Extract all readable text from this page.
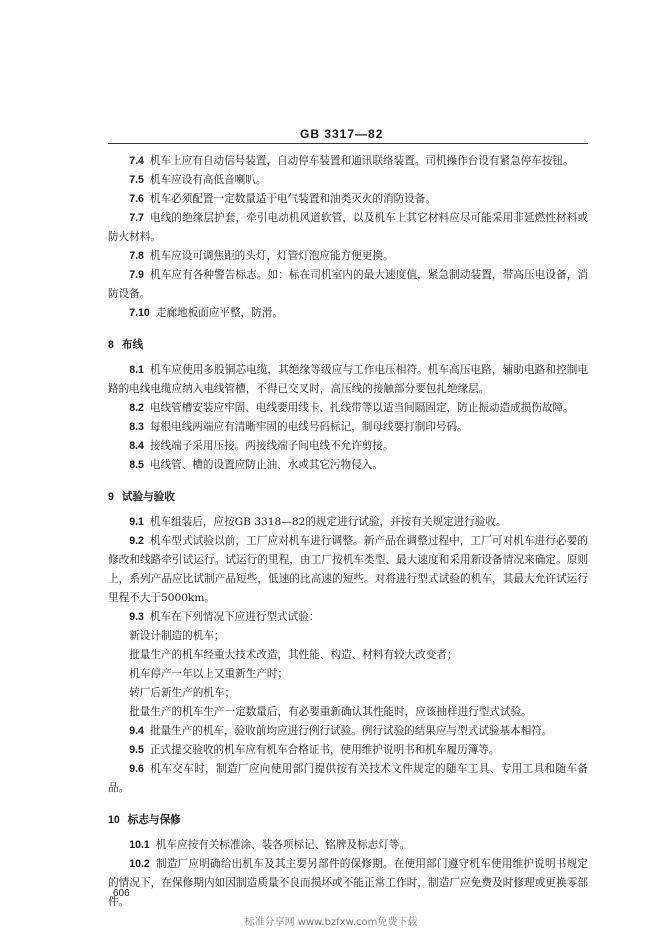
GB 3317—82

7.4 机车上应有自动信号装置，自动停车装置和通讯联络装置。司机操作台设有紧急停车按钮。

7.5 机车应设有高低音喇叭。

7.6 机车必须配置一定数量适于电气装置和油类灭火的消防设备。

7.7 电线的绝缘层护套，牵引电动机风道软管，以及机车上其它材料应尽可能采用非延燃性材料或防火材料。

7.8 机车应设可调焦距的头灯，灯管灯泡应能方便更换。

7.9 机车应有各种警告标志。如：标在司机室内的最大速度值，紧急制动装置，带高压电设备，消防设备。

7.10 走廊地板面应平整，防滑。

8 布线

8.1 机车应使用多股铜芯电缆，其绝缘等级应与工作电压相符。机车高压电路，辅助电路和控制电路的电线电缆应纳入电线管槽，不得已交叉时，高压线的接触部分要包扎绝缘层。

8.2 电线管槽安装应牢固、电线要用线卡、扎线带等以适当间隔固定，防止振动造成损伤故障。

8.3 每根电线两端应有清晰牢固的电线号码标记，制母线要打制印号码。

8.4 接线端子采用压接。两接线端子间电线不允许剪接。

8.5 电线管、槽的设置应防止油、水或其它污物侵入。

9 试验与验收

9.1 机车组装后，应按GB 3318—82的规定进行试验，并按有关规定进行验收。

9.2 机车型式试验以前，工厂应对机车进行调整。新产品在调整过程中，工厂可对机车进行必要的修改和线路牵引试运行。试运行的里程，由工厂按机车类型、最大速度和采用新设备情况来确定。原则上，系列产品应比试制产品短些，低速的比高速的短些。对将进行型式试验的机车，其最大允许试运行里程不大于5000km。

9.3 机车在下列情况下应进行型式试验：

新设计制造的机车；

批量生产的机车经重大技术改造，其性能、构造、材料有较大改变者；

机车停产一年以上又重新生产时；

转厂后新生产的机车；

批量生产的机车生产一定数量后，有必要重新确认其性能时，应该抽样进行型式试验。

9.4 批量生产的机车，验收前均应进行例行试验。例行试验的结果应与型式试验基本相符。

9.5 正式提交验收的机车应有机车合格证书，使用维护说明书和机车履历簿等。

9.6 机车交车时，制造厂应向使用部门提供按有关技术文件规定的随车工具、专用工具和随车备品。

10 标志与保修

10.1 机车应按有关标准涂、装各项标记、铭牌及标志灯等。

10.2 制造厂应明确给出机车及其主要另部件的保修期。在使用部门遵守机车使用维护说明书规定的情况下，在保修期内如因制造质量不良而损坏或不能正常工作时，制造厂应免费及时修理或更换零部件。

606
标准分享网 www.bzfxw.com免费下载
